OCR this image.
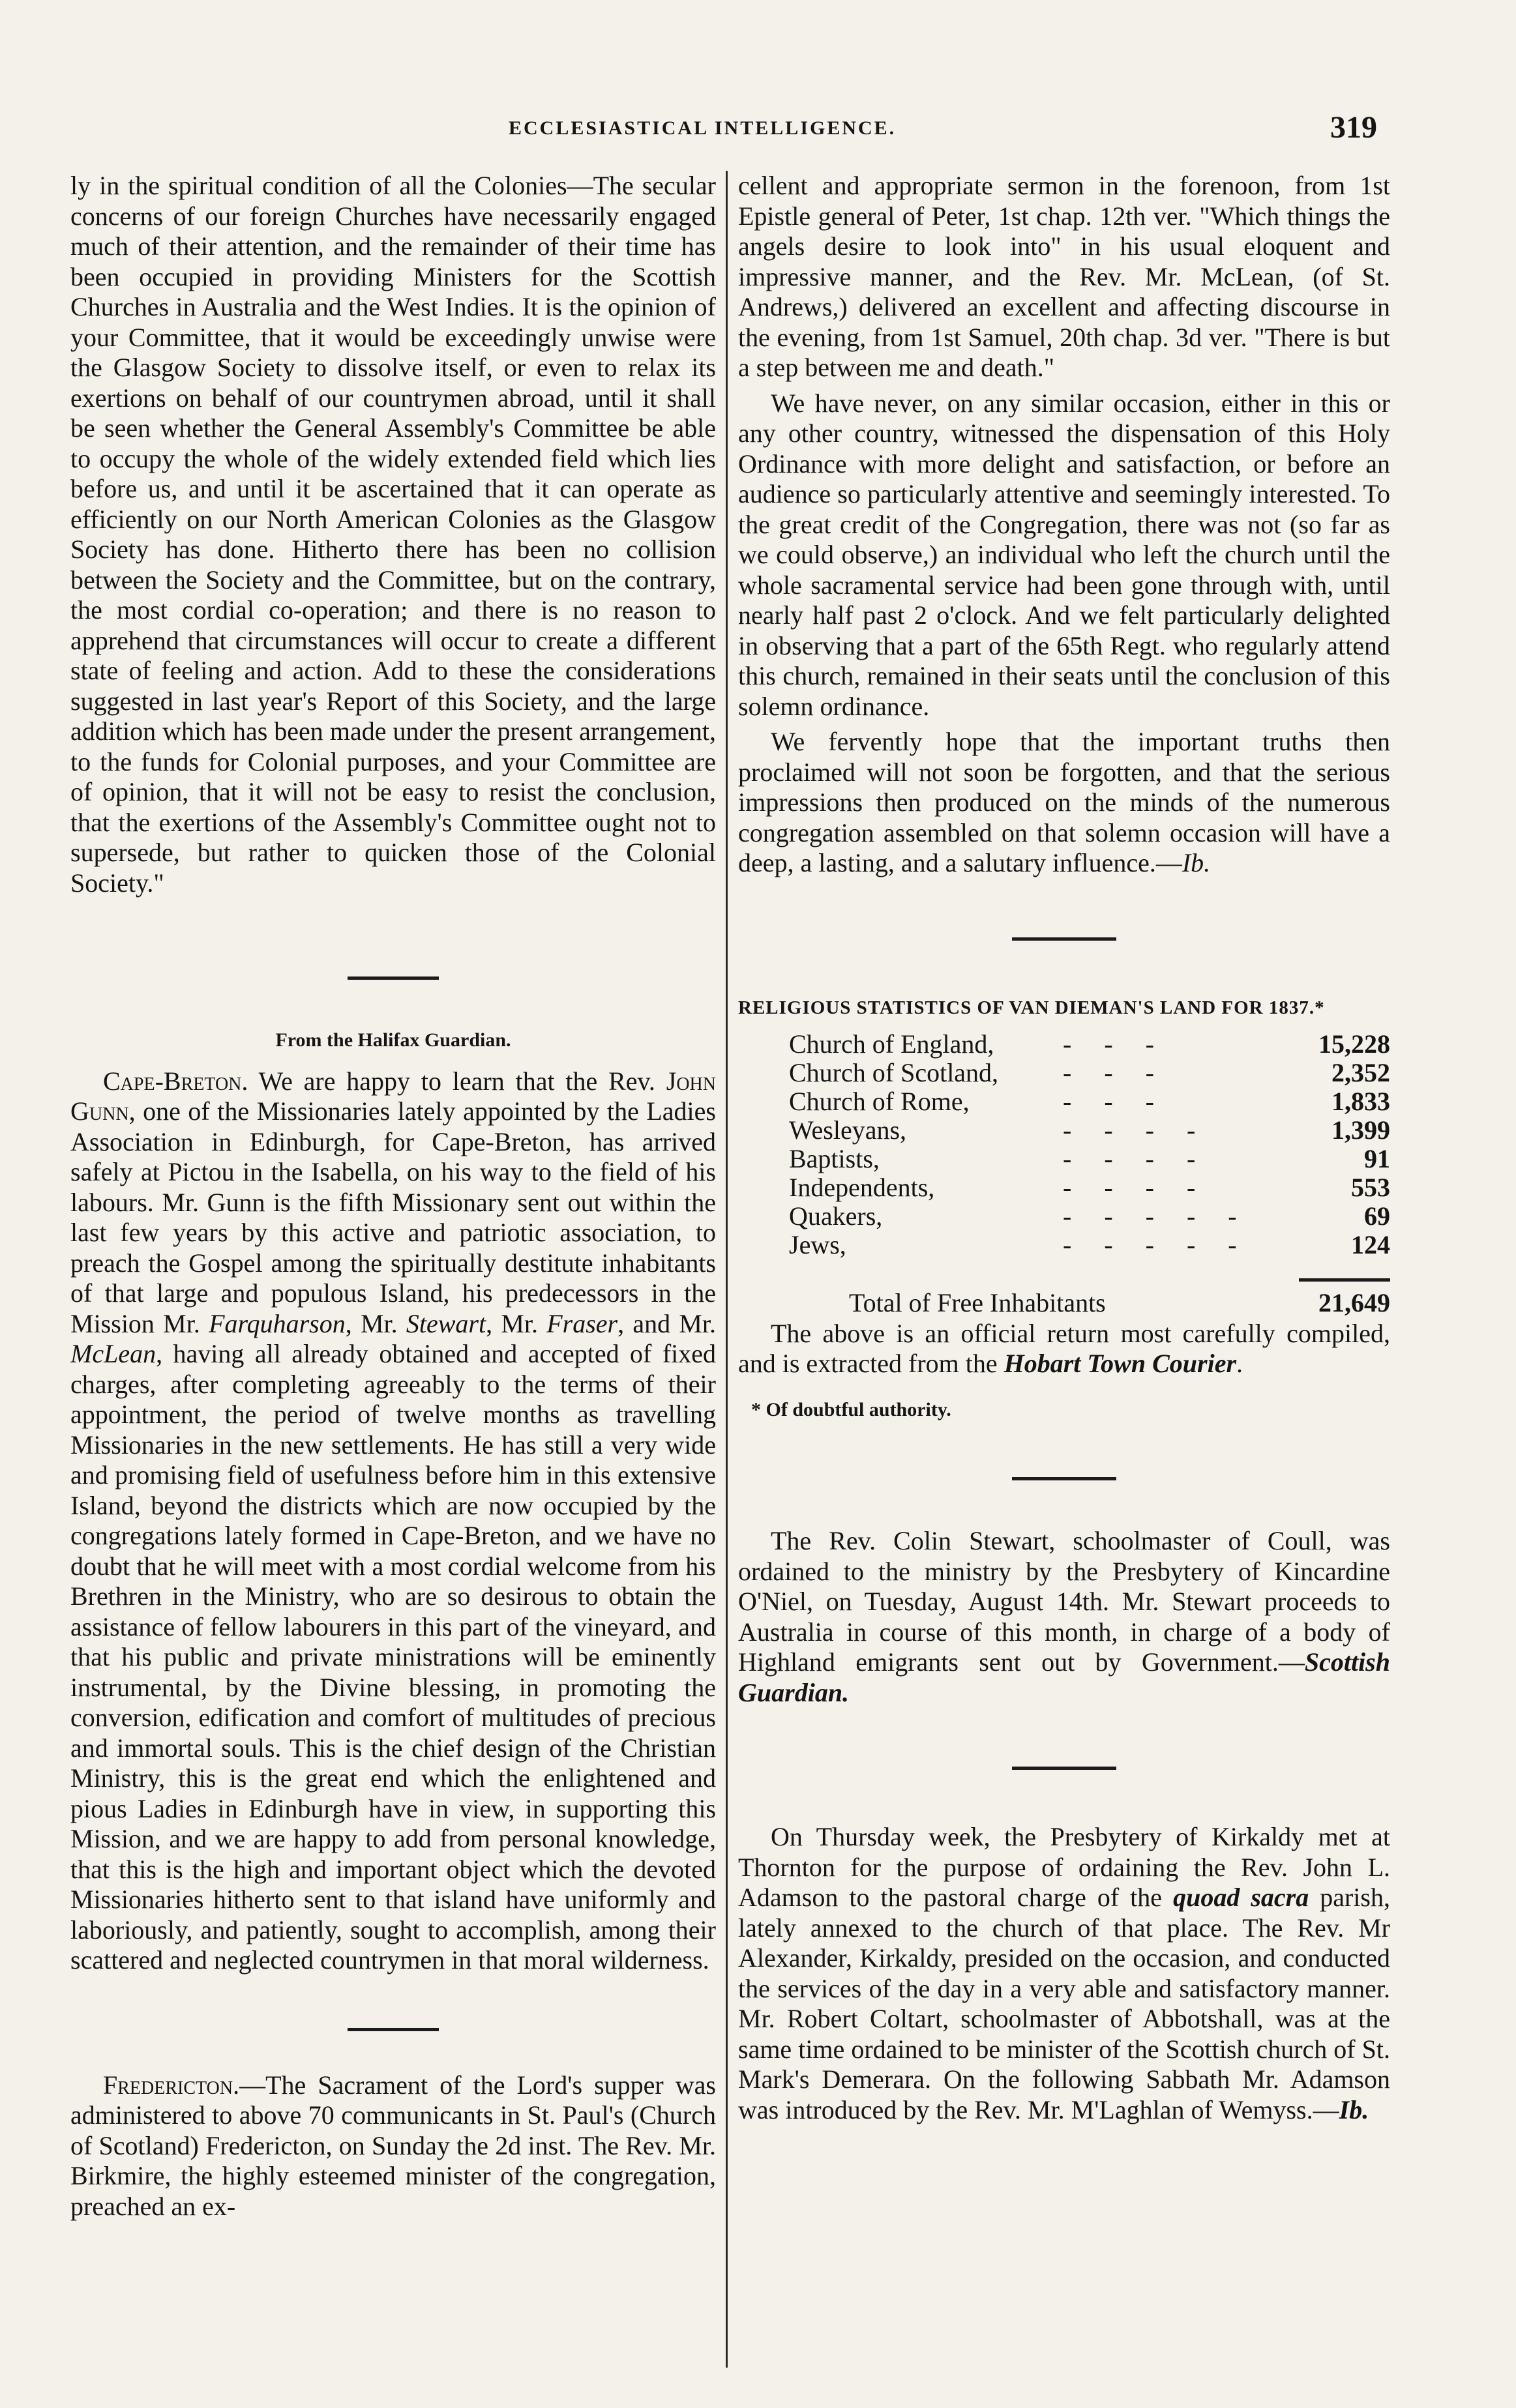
ECCLESIASTICAL INTELLIGENCE.	319

ly in the spiritual condition of all the Colonies—The secular concerns of our foreign Churches have necessarily engaged much of their attention, and the remainder of their time has been occupied in providing Ministers for the Scottish Churches in Australia and the West Indies. It is the opinion of your Committee, that it would be exceedingly unwise were the Glasgow Society to dissolve itself, or even to relax its exertions on behalf of our countrymen abroad, until it shall be seen whether the General Assembly's Committee be able to occupy the whole of the widely extended field which lies before us, and until it be ascertained that it can operate as efficiently on our North American Colonies as the Glasgow Society has done. Hitherto there has been no collision between the Society and the Committee, but on the contrary, the most cordial co-operation; and there is no reason to apprehend that circumstances will occur to create a different state of feeling and action. Add to these the considerations suggested in last year's Report of this Society, and the large addition which has been made under the present arrangement, to the funds for Colonial purposes, and your Committee are of opinion, that it will not be easy to resist the conclusion, that the exertions of the Assembly's Committee ought not to supersede, but rather to quicken those of the Colonial Society."

From the Halifax Guardian.

Cape-Breton. We are happy to learn that the Rev. John Gunn, one of the Missionaries lately appointed by the Ladies Association in Edinburgh, for Cape-Breton, has arrived safely at Pictou in the Isabella, on his way to the field of his labours. Mr. Gunn is the fifth Missionary sent out within the last few years by this active and patriotic association, to preach the Gospel among the spiritually destitute inhabitants of that large and populous Island, his predecessors in the Mission Mr. Farquharson, Mr. Stewart, Mr. Fraser, and Mr. McLean, having all already obtained and accepted of fixed charges, after completing agreeably to the terms of their appointment, the period of twelve months as travelling Missionaries in the new settlements. He has still a very wide and promising field of usefulness before him in this extensive Island, beyond the districts which are now occupied by the congregations lately formed in Cape-Breton, and we have no doubt that he will meet with a most cordial welcome from his Brethren in the Ministry, who are so desirous to obtain the assistance of fellow labourers in this part of the vineyard, and that his public and private ministrations will be eminently instrumental, by the Divine blessing, in promoting the conversion, edification and comfort of multitudes of precious and immortal souls. This is the chief design of the Christian Ministry, this is the great end which the enlightened and pious Ladies in Edinburgh have in view, in supporting this Mission, and we are happy to add from personal knowledge, that this is the high and important object which the devoted Missionaries hitherto sent to that island have uniformly and laboriously, and patiently, sought to accomplish, among their scattered and neglected countrymen in that moral wilderness.

Fredericton.—The Sacrament of the Lord's supper was administered to above 70 communicants in St. Paul's (Church of Scotland) Fredericton, on Sunday the 2d inst. The Rev. Mr. Birkmire, the highly esteemed minister of the congregation, preached an ex-

cellent and appropriate sermon in the forenoon, from 1st Epistle general of Peter, 1st chap. 12th ver. "Which things the angels desire to look into" in his usual eloquent and impressive manner, and the Rev. Mr. McLean, (of St. Andrews,) delivered an excellent and affecting discourse in the evening, from 1st Samuel, 20th chap. 3d ver. "There is but a step between me and death."

We have never, on any similar occasion, either in this or any other country, witnessed the dispensation of this Holy Ordinance with more delight and satisfaction, or before an audience so particularly attentive and seemingly interested. To the great credit of the Congregation, there was not (so far as we could observe,) an individual who left the church until the whole sacramental service had been gone through with, until nearly half past 2 o'clock. And we felt particularly delighted in observing that a part of the 65th Regt. who regularly attend this church, remained in their seats until the conclusion of this solemn ordinance.

We fervently hope that the important truths then proclaimed will not soon be forgotten, and that the serious impressions then produced on the minds of the numerous congregation assembled on that solemn occasion will have a deep, a lasting, and a salutary influence.—Ib.

RELIGIOUS STATISTICS OF VAN DIEMAN'S LAND FOR 1837.*
Church of England,	- - -	15,228
Church of Scotland,	- - -	2,352
Church of Rome,	- - -	1,833
Wesleyans,	- - - -	1,399
Baptists,	- - - -	91
Independents,	- - - -	553
Quakers,	- - - - -	69
Jews,	- - - - -	124
Total of Free Inhabitants	21,649

The above is an official return most carefully compiled, and is extracted from the Hobart Town Courier.

* Of doubtful authority.

The Rev. Colin Stewart, schoolmaster of Coull, was ordained to the ministry by the Presbytery of Kincardine O'Niel, on Tuesday, August 14th. Mr. Stewart proceeds to Australia in course of this month, in charge of a body of Highland emigrants sent out by Government.—Scottish Guardian.

On Thursday week, the Presbytery of Kirkaldy met at Thornton for the purpose of ordaining the Rev. John L. Adamson to the pastoral charge of the quoad sacra parish, lately annexed to the church of that place. The Rev. Mr Alexander, Kirkaldy, presided on the occasion, and conducted the services of the day in a very able and satisfactory manner. Mr. Robert Coltart, schoolmaster of Abbotshall, was at the same time ordained to be minister of the Scottish church of St. Mark's Demerara. On the following Sabbath Mr. Adamson was introduced by the Rev. Mr. M'Laghlan of Wemyss.—Ib.
